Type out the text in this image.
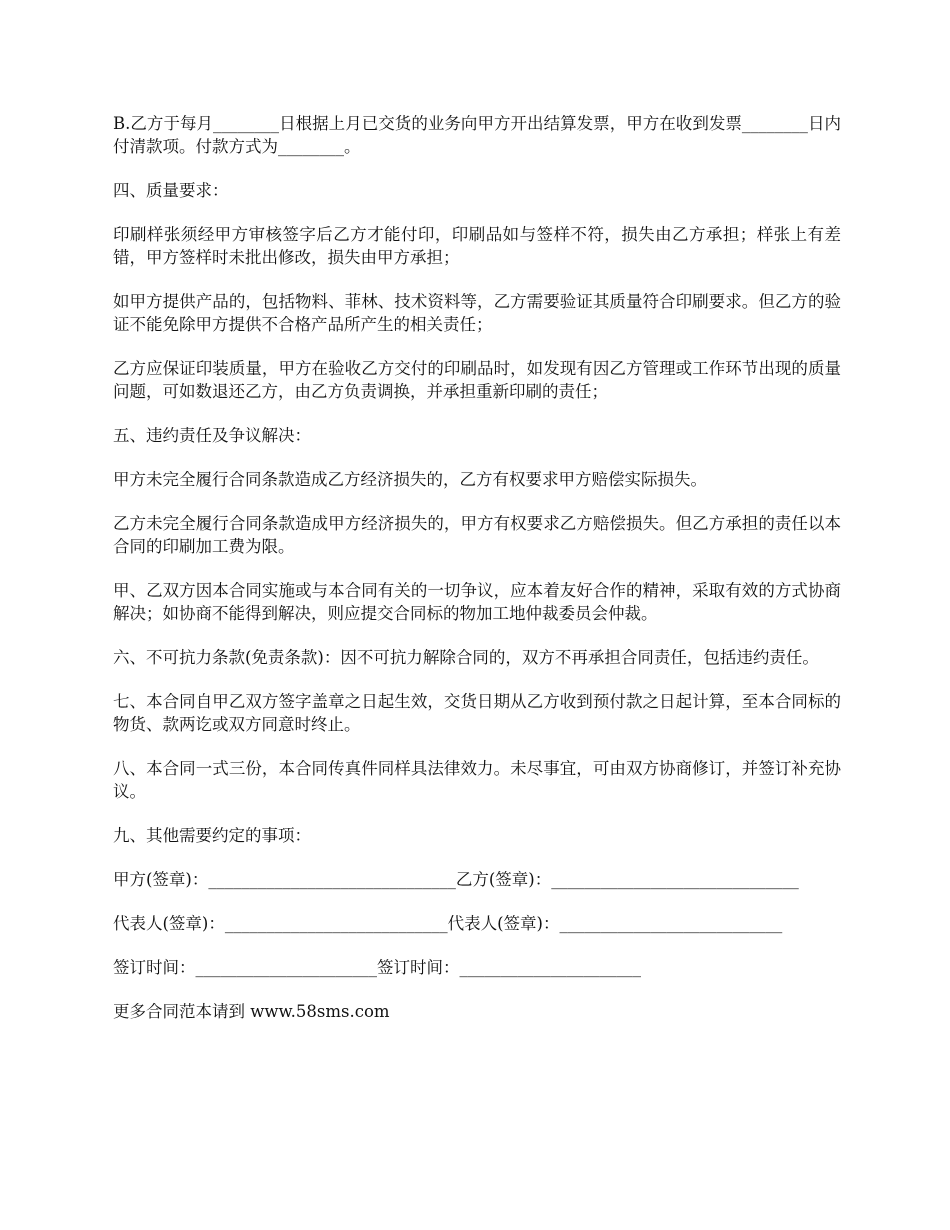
B.乙方于每月________日根据上月已交货的业务向甲方开出结算发票，甲方在收到发票________日内付清款项。付款方式为________。

四、质量要求：

印刷样张须经甲方审核签字后乙方才能付印，印刷品如与签样不符，损失由乙方承担；样张上有差错，甲方签样时未批出修改，损失由甲方承担；

如甲方提供产品的，包括物料、菲林、技术资料等，乙方需要验证其质量符合印刷要求。但乙方的验证不能免除甲方提供不合格产品所产生的相关责任；

乙方应保证印装质量，甲方在验收乙方交付的印刷品时，如发现有因乙方管理或工作环节出现的质量问题，可如数退还乙方，由乙方负责调换，并承担重新印刷的责任；

五、违约责任及争议解决：

甲方未完全履行合同条款造成乙方经济损失的，乙方有权要求甲方赔偿实际损失。

乙方未完全履行合同条款造成甲方经济损失的，甲方有权要求乙方赔偿损失。但乙方承担的责任以本合同的印刷加工费为限。

甲、乙双方因本合同实施或与本合同有关的一切争议，应本着友好合作的精神，采取有效的方式协商解决；如协商不能得到解决，则应提交合同标的物加工地仲裁委员会仲裁。

六、不可抗力条款(免责条款)：因不可抗力解除合同的，双方不再承担合同责任，包括违约责任。

七、本合同自甲乙双方签字盖章之日起生效，交货日期从乙方收到预付款之日起计算，至本合同标的物货、款两讫或双方同意时终止。

八、本合同一式三份，本合同传真件同样具法律效力。未尽事宜，可由双方协商修订，并签订补充协议。

九、其他需要约定的事项：

甲方(签章)：______________________________乙方(签章)：______________________________

代表人(签章)：___________________________代表人(签章)：___________________________

签订时间：______________________签订时间：______________________

更多合同范本请到 www.58sms.com
